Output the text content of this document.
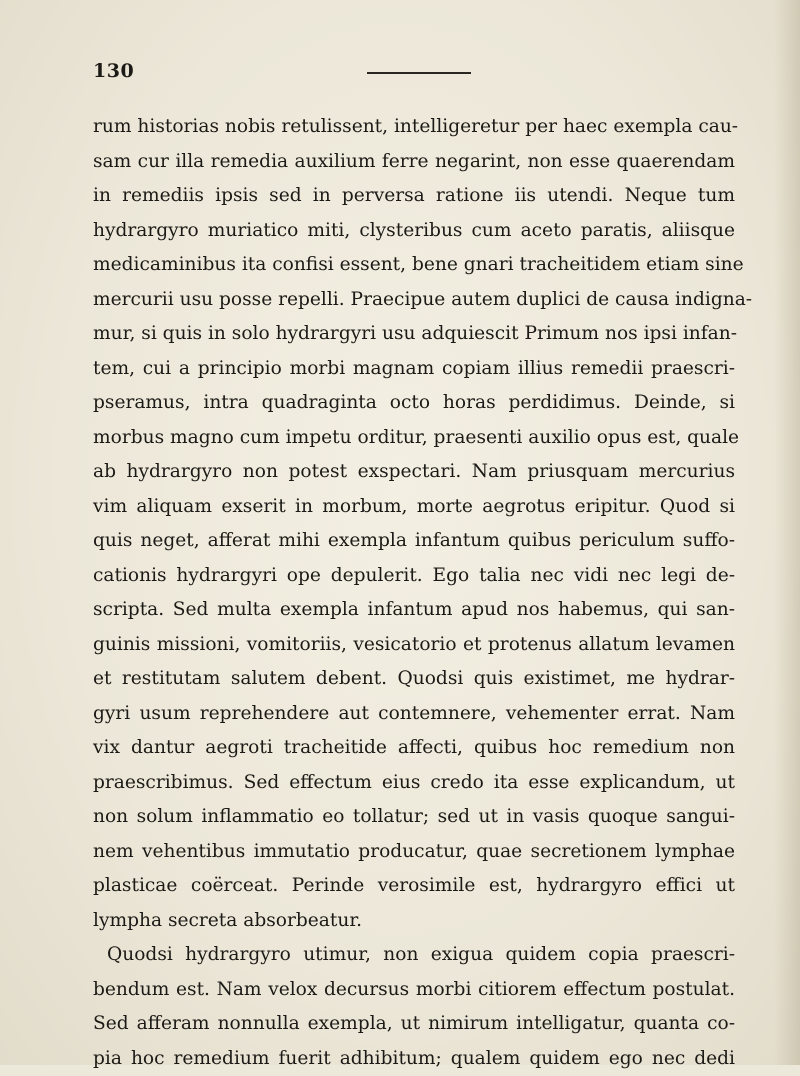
130
rum historias nobis retulissent, intelligeretur per haec exempla cau-
sam cur illa remedia auxilium ferre negarint, non esse quaerendam
in remediis ipsis sed in perversa ratione iis utendi. Neque tum
hydrargyro muriatico miti, clysteribus cum aceto paratis, aliisque
medicaminibus ita confisi essent, bene gnari tracheitidem etiam sine
mercurii usu posse repelli. Praecipue autem duplici de causa indigna-
mur, si quis in solo hydrargyri usu adquiescit Primum nos ipsi infan-
tem, cui a principio morbi magnam copiam illius remedii praescri-
pseramus, intra quadraginta octo horas perdidimus. Deinde, si
morbus magno cum impetu orditur, praesenti auxilio opus est, quale
ab hydrargyro non potest exspectari. Nam priusquam mercurius
vim aliquam exserit in morbum, morte aegrotus eripitur. Quod si
quis neget, afferat mihi exempla infantum quibus periculum suffo-
cationis hydrargyri ope depulerit. Ego talia nec vidi nec legi de-
scripta. Sed multa exempla infantum apud nos habemus, qui san-
guinis missioni, vomitoriis, vesicatorio et protenus allatum levamen
et restitutam salutem debent. Quodsi quis existimet, me hydrar-
gyri usum reprehendere aut contemnere, vehementer errat. Nam
vix dantur aegroti tracheitide affecti, quibus hoc remedium non
praescribimus. Sed effectum eius credo ita esse explicandum, ut
non solum inflammatio eo tollatur; sed ut in vasis quoque sangui-
nem vehentibus immutatio producatur, quae secretionem lymphae
plasticae coërceat. Perinde verosimile est, hydrargyro effici ut
lympha secreta absorbeatur.
Quodsi hydrargyro utimur, non exigua quidem copia praescri-
bendum est. Nam velox decursus morbi citiorem effectum postulat.
Sed afferam nonnulla exempla, ut nimirum intelligatur, quanta co-
pia hoc remedium fuerit adhibitum; qualem quidem ego nec dedi
